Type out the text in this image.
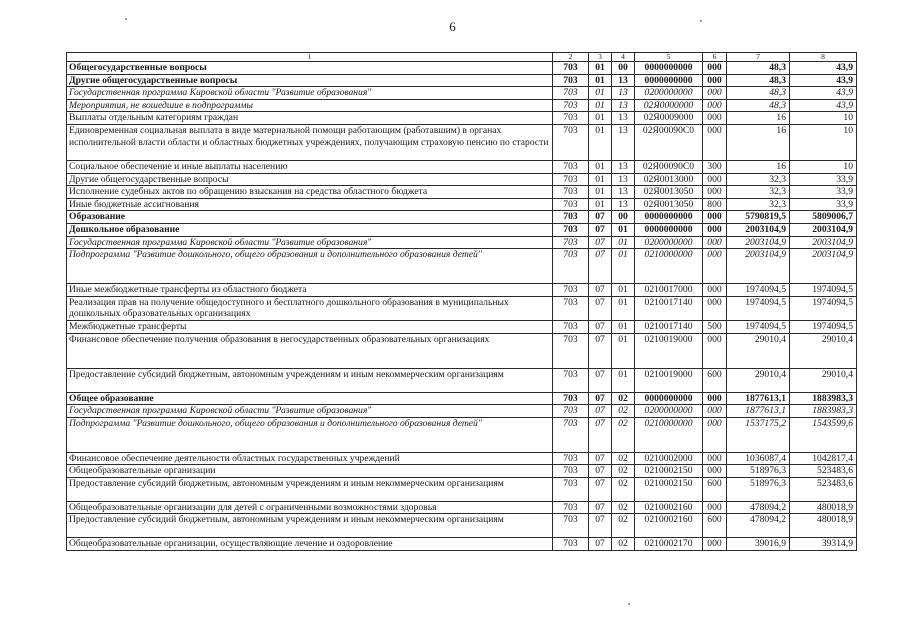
6
1	2	3	4	5	6	7	8
Общегосударственные вопросы	703	01	00	0000000000	000	48,3	43,9
Другие общегосударственные вопросы	703	01	13	0000000000	000	48,3	43,9
Государственная программа Кировской области "Развитие образования"	703	01	13	0200000000	000	48,3	43,9
Мероприятия, не вошедшие в подпрограммы	703	01	13	02Я0000000	000	48,3	43,9
Выплаты отдельным категориям граждан	703	01	13	02Я0009000	000	16	10
Единовременная социальная выплата в виде материальной помощи работающим (работавшим) в органах исполнительной власти области и областных бюджетных учреждениях, получающим страховую пенсию по старости	703	01	13	02Я00090С0	000	16	10
Социальное обеспечение и иные выплаты населению	703	01	13	02Я00090С0	300	16	10
Другие общегосударственные вопросы	703	01	13	02Я0013000	000	32,3	33,9
Исполнение судебных актов по обращению взыскания на средства областного бюджета	703	01	13	02Я0013050	000	32,3	33,9
Иные бюджетные ассигнования	703	01	13	02Я0013050	800	32,3	33,9
Образование	703	07	00	0000000000	000	5790819,5	5809006,7
Дошкольное образование	703	07	01	0000000000	000	2003104,9	2003104,9
Государственная программа Кировской области "Развитие образования"	703	07	01	0200000000	000	2003104,9	2003104,9
Подпрограмма "Развитие дошкольного, общего образования и дополнительного образования детей"	703	07	01	0210000000	000	2003104,9	2003104,9
Иные межбюджетные трансферты из областного бюджета	703	07	01	0210017000	000	1974094,5	1974094,5
Реализация прав на получение общедоступного и бесплатного дошкольного образования в муниципальных дошкольных образовательных организациях	703	07	01	0210017140	000	1974094,5	1974094,5
Межбюджетные трансферты	703	07	01	0210017140	500	1974094,5	1974094,5
Финансовое обеспечение получения образования в негосударственных образовательных организациях	703	07	01	0210019000	000	29010,4	29010,4
Предоставление субсидий бюджетным, автономным учреждениям и иным некоммерческим организациям	703	07	01	0210019000	600	29010,4	29010,4
Общее образование	703	07	02	0000000000	000	1877613,1	1883983,3
Государственная программа Кировской области "Развитие образования"	703	07	02	0200000000	000	1877613,1	1883983,3
Подпрограмма "Развитие дошкольного, общего образования и дополнительного образования детей"	703	07	02	0210000000	000	1537175,2	1543599,6
Финансовое обеспечение деятельности областных государственных учреждений	703	07	02	0210002000	000	1036087,4	1042817,4
Общеобразовательные организации	703	07	02	0210002150	000	518976,3	523483,6
Предоставление субсидий бюджетным, автономным учреждениям и иным некоммерческим организациям	703	07	02	0210002150	600	518976,3	523483,6
Общеобразовательные организации для детей с ограниченными возможностями здоровья	703	07	02	0210002160	000	478094,2	480018,9
Предоставление субсидий бюджетным, автономным учреждениям и иным некоммерческим организациям	703	07	02	0210002160	600	478094,2	480018,9
Общеобразовательные организации, осуществляющие лечение и оздоровление	703	07	02	0210002170	000	39016,9	39314,9
